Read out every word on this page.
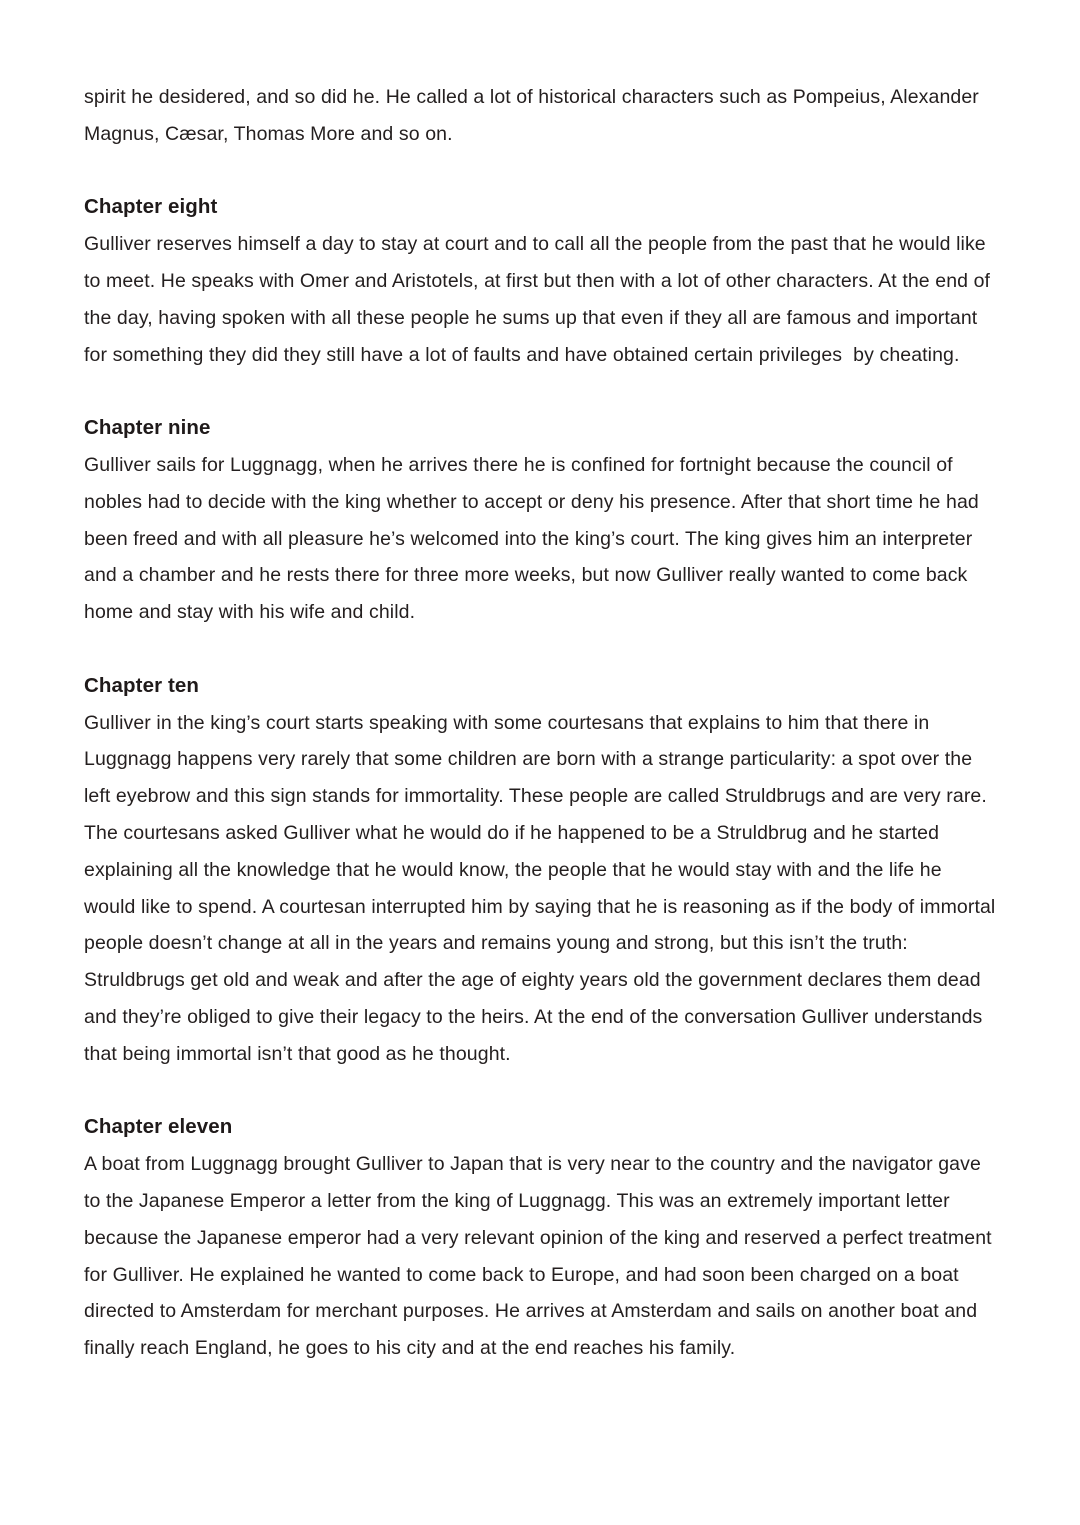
spirit he desidered, and so did he. He called a lot of historical characters such as Pompeius, Alexander Magnus, Cæsar, Thomas More and so on.

Chapter eight

Gulliver reserves himself a day to stay at court and to call all the people from the past that he would like to meet. He speaks with Omer and Aristotels, at first but then with a lot of other characters. At the end of the day, having spoken with all these people he sums up that even if they all are famous and important for something they did they still have a lot of faults and have obtained certain privileges  by cheating.

Chapter nine

Gulliver sails for Luggnagg, when he arrives there he is confined for fortnight because the council of nobles had to decide with the king whether to accept or deny his presence. After that short time he had been freed and with all pleasure he’s welcomed into the king’s court. The king gives him an interpreter and a chamber and he rests there for three more weeks, but now Gulliver really wanted to come back home and stay with his wife and child.

Chapter ten

Gulliver in the king’s court starts speaking with some courtesans that explains to him that there in Luggnagg happens very rarely that some children are born with a strange particularity: a spot over the left eyebrow and this sign stands for immortality. These people are called Struldbrugs and are very rare. The courtesans asked Gulliver what he would do if he happened to be a Struldbrug and he started explaining all the knowledge that he would know, the people that he would stay with and the life he would like to spend. A courtesan interrupted him by saying that he is reasoning as if the body of immortal people doesn’t change at all in the years and remains young and strong, but this isn’t the truth: Struldbrugs get old and weak and after the age of eighty years old the government declares them dead and they’re obliged to give their legacy to the heirs. At the end of the conversation Gulliver understands that being immortal isn’t that good as he thought.

Chapter eleven

A boat from Luggnagg brought Gulliver to Japan that is very near to the country and the navigator gave to the Japanese Emperor a letter from the king of Luggnagg. This was an extremely important letter because the Japanese emperor had a very relevant opinion of the king and reserved a perfect treatment for Gulliver. He explained he wanted to come back to Europe, and had soon been charged on a boat directed to Amsterdam for merchant purposes. He arrives at Amsterdam and sails on another boat and finally reach England, he goes to his city and at the end reaches his family.
